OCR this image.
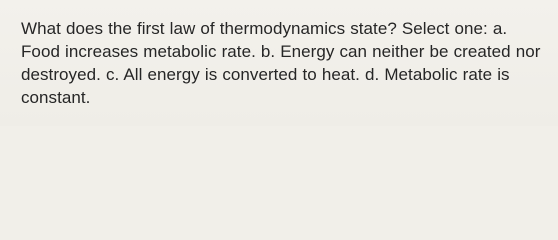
What does the first law of thermodynamics state? Select one: a. Food increases metabolic rate. b. Energy can neither be created nor destroyed. c. All energy is converted to heat. d. Metabolic rate is constant.
